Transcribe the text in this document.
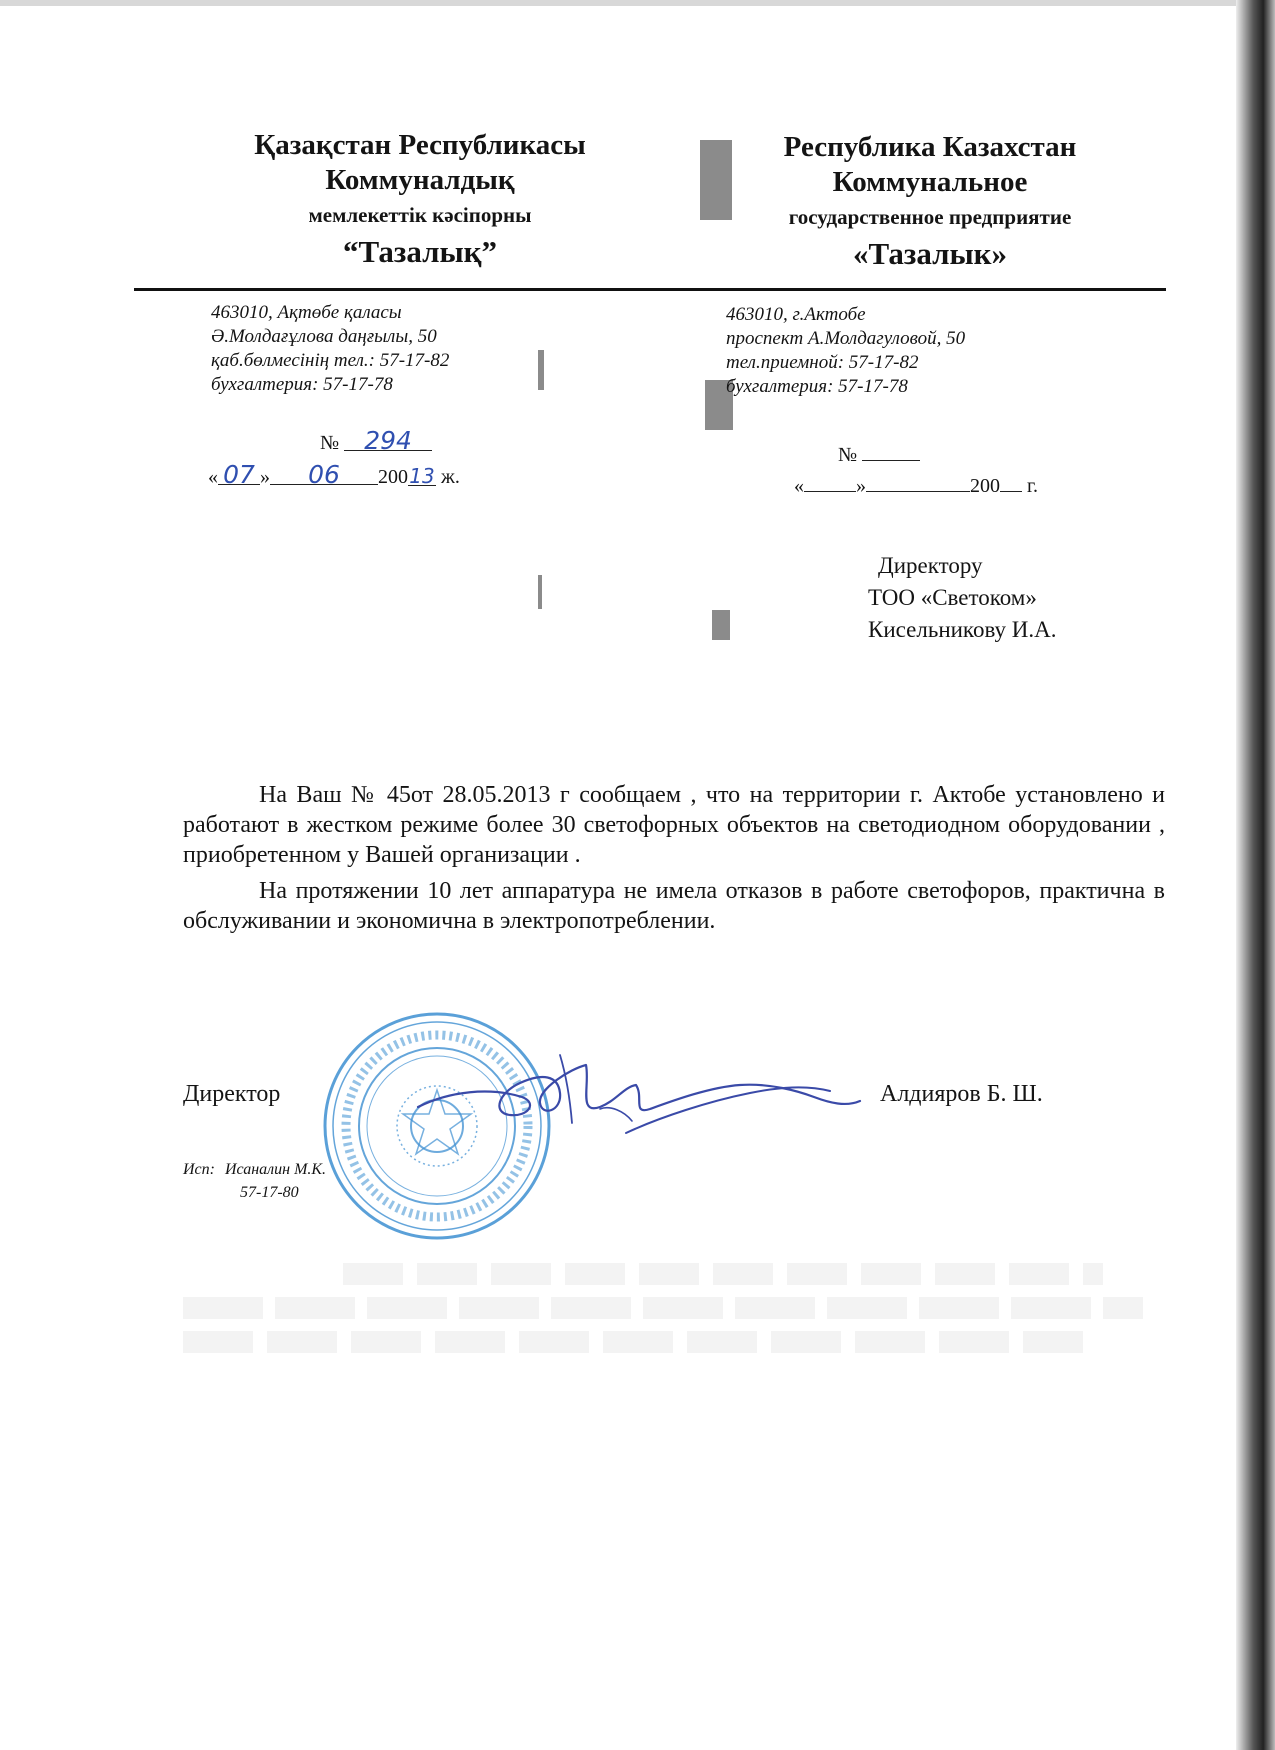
Қазақстан Республикасы
Коммуналдық
мемлекеттік кәсіпорны
“Тазалық”
Республика Казахстан
Коммунальное
государственное предприятие
«Тазалык»
463010, Ақтөбе қаласы
Ә.Молдағұлова даңғылы, 50
қаб.бөлмесінің тел.: 57-17-82
бухгалтерия: 57-17-78
463010, г.Актобе
проспект А.Молдагуловой, 50
тел.приемной: 57-17-82
бухгалтерия: 57-17-78
№ 294
« 07 » 06 20013 ж.
№
«	»	200 г.
Директору
ТОО «Светоком»
Кисельникову И.А.

На Ваш № 45от 28.05.2013 г сообщаем , что на территории г. Актобе установлено и работают в жестком режиме более 30 светофорных объектов на светодиодном оборудовании , приобретенном у Вашей организации .

На протяжении 10 лет аппаратура не имела отказов в работе светофоров, практична в обслуживании и экономична в электропотреблении.

Директор	Алдияров Б. Ш.
Исп: Исаналин М.К.
57-17-80
